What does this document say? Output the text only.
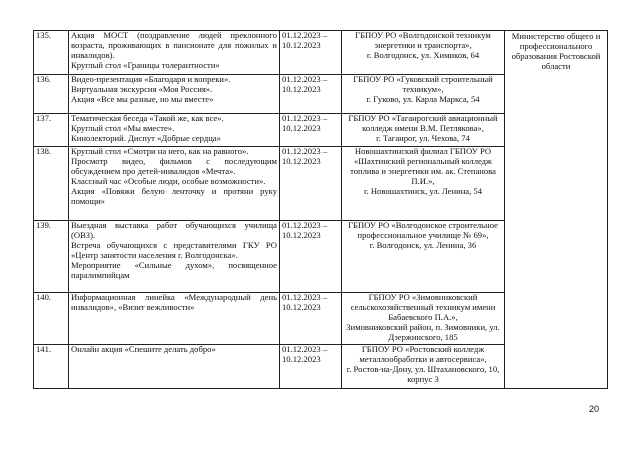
135.	Акция МОСТ (поздравление людей преклонного возраста, проживающих в пансионате для пожилых и инвалидов).
Круглый стол «Границы толерантности»	01.12.2023 – 10.12.2023	ГБПОУ РО «Волгодонской техникум энергетики и транспорта»,
г. Волгодонск, ул. Химиков, 64	Министерство общего и профессионального образования Ростовской области
136.	Видео-презентация «Благодаря и вопреки».
Виртуальная экскурсия «Моя Россия».
Акция «Все мы разные, но мы вместе»	01.12.2023 – 10.12.2023	ГБПОУ РО «Гуковский строительный техникум»,
г. Гуково, ул. Карла Маркса, 54	

137.	Тематическая беседа «Такой же, как все».
Круглый стол «Мы вместе».
Кинолекторий. Диспут «Добрые сердца»	01.12.2023 – 10.12.2023	ГБПОУ РО «Таганрогский авиационный колледж имени В.М. Петлякова»,
г. Таганрог, ул. Чехова, 74	

138.	Круглый стол «Смотри на него, как на равного».
Просмотр видео, фильмов с последующим обсуждением про детей-инвалидов «Мечта».
Классный час «Особые люди, особые возможности».
Акция «Повяжи белую ленточку и протяни руку помощи»	01.12.2023 – 10.12.2023	Новошахтинский филиал ГБПОУ РО «Шахтинский региональный колледж топлива и энергетики им. ак. Степанова П.И.»,
г. Новошахтинск, ул. Ленина, 54	

139.	Выездная выставка работ обучающихся училища (ОВЗ).
Встреча обучающихся с представителями ГКУ РО «Центр занятости населения г. Волгодонска».
Мероприятие «Сильные духом», посвященное паралимпийцам	01.12.2023 – 10.12.2023	ГБПОУ РО «Волгодонское строительное профессиональное училище № 69»,
г. Волгодонск, ул. Ленина, 36	

140.	Информационная линейка «Международный день инвалидов», «Визит вежливости»	01.12.2023 – 10.12.2023	ГБПОУ РО «Зимовниковский сельскохозяйственный техникум имени Бабаевского П.А.»,
Зимовниковский район, п. Зимовники, ул. Дзержинского, 185	

141.	Онлайн акция «Спешите делать добро»	01.12.2023 – 10.12.2023	ГБПОУ РО «Ростовский колледж металлообработки и автосервиса»,
г. Ростов-на-Дону, ул. Штахановского, 10, корпус 3	
20
